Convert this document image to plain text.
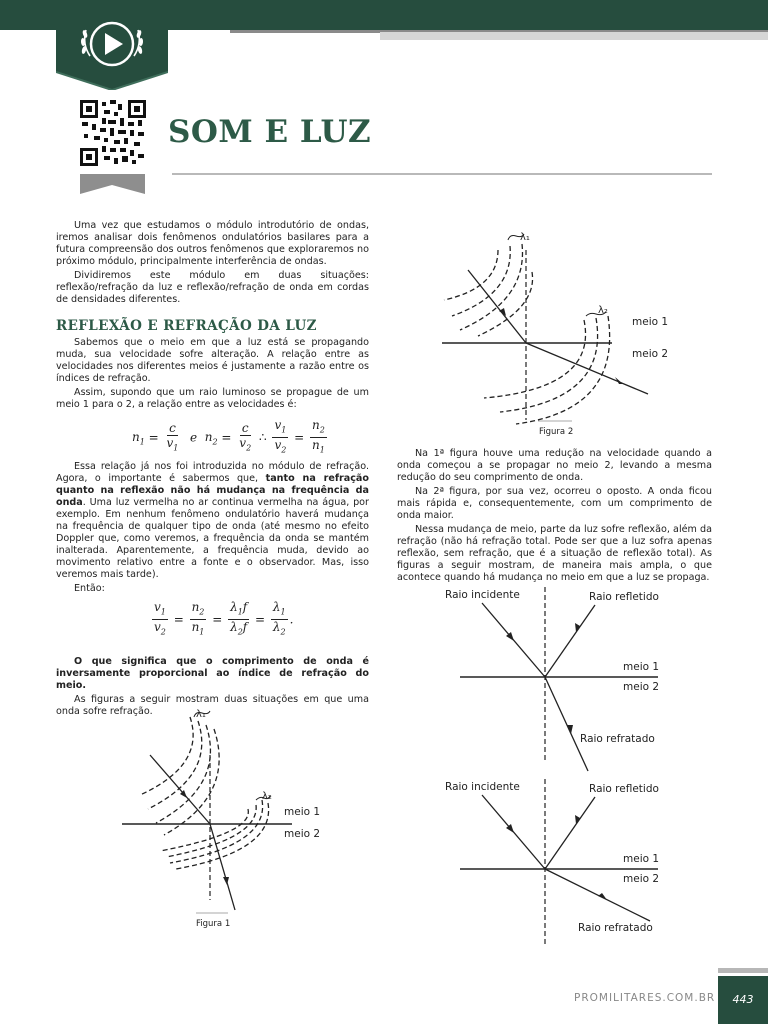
SOM E LUZ

Uma vez que estudamos o módulo introdutório de ondas, iremos analisar dois fenômenos ondulatórios basilares para a futura compreensão dos outros fenômenos que exploraremos no próximo módulo, principalmente interferência de ondas.

Dividiremos este módulo em duas situações: reflexão/refração da luz e reflexão/refração de onda em cordas de densidades diferentes.

REFLEXÃO E REFRAÇÃO DA LUZ

Sabemos que o meio em que a luz está se propagando muda, sua velocidade sofre alteração. A relação entre as velocidades nos diferentes meios é justamente a razão entre os índices de refração.

Assim, supondo que um raio luminoso se propague de um meio 1 para o 2, a relação entre as velocidades é:

$n_1 = \frac{c}{v_1}$ e $n_2 = \frac{c}{v_2}$ ∴ $\frac{v_1}{v_2} = \frac{n_2}{n_1}$

Essa relação já nos foi introduzida no módulo de refração. Agora, o importante é sabermos que, tanto na refração quanto na reflexão não há mudança na frequência da onda. Uma luz vermelha no ar continua vermelha na água, por exemplo. Em nenhum fenômeno ondulatório haverá mudança na frequência de qualquer tipo de onda (até mesmo no efeito Doppler que, como veremos, a frequência da onda se mantém inalterada. Aparentemente, a frequência muda, devido ao movimento relativo entre a fonte e o observador. Mas, isso veremos mais tarde).

Então:

$\frac{v_1}{v_2} = \frac{n_2}{n_1} = \frac{\lambda_1f}{\lambda_2f} = \frac{\lambda_1}{\lambda_2}$ .

O que significa que o comprimento de onda é inversamente proporcional ao índice de refração do meio.

As figuras a seguir mostram duas situações em que uma onda sofre refração.	λ₁
λ₂
meio 1
meio 2
Figura 1
λ₁
λ₂
meio 1
meio 2
Figura 2

Na 1ª figura houve uma redução na velocidade quando a onda começou a se propagar no meio 2, levando a mesma redução do seu comprimento de onda.

Na 2ª figura, por sua vez, ocorreu o oposto. A onda ficou mais rápida e, consequentemente, com um comprimento de onda maior.

Nessa mudança de meio, parte da luz sofre reflexão, além da refração (não há refração total. Pode ser que a luz sofra apenas reflexão, sem refração, que é a situação de reflexão total). As figuras a seguir mostram, de maneira mais ampla, o que acontece quando há mudança no meio em que a luz se propaga.

Raio incidente	Raio refletido
meio 1
meio 2
Raio refratado
Raio incidente	Raio refletido
meio 1
meio 2
Raio refratado
PROMILITARES.COM.BR	443
